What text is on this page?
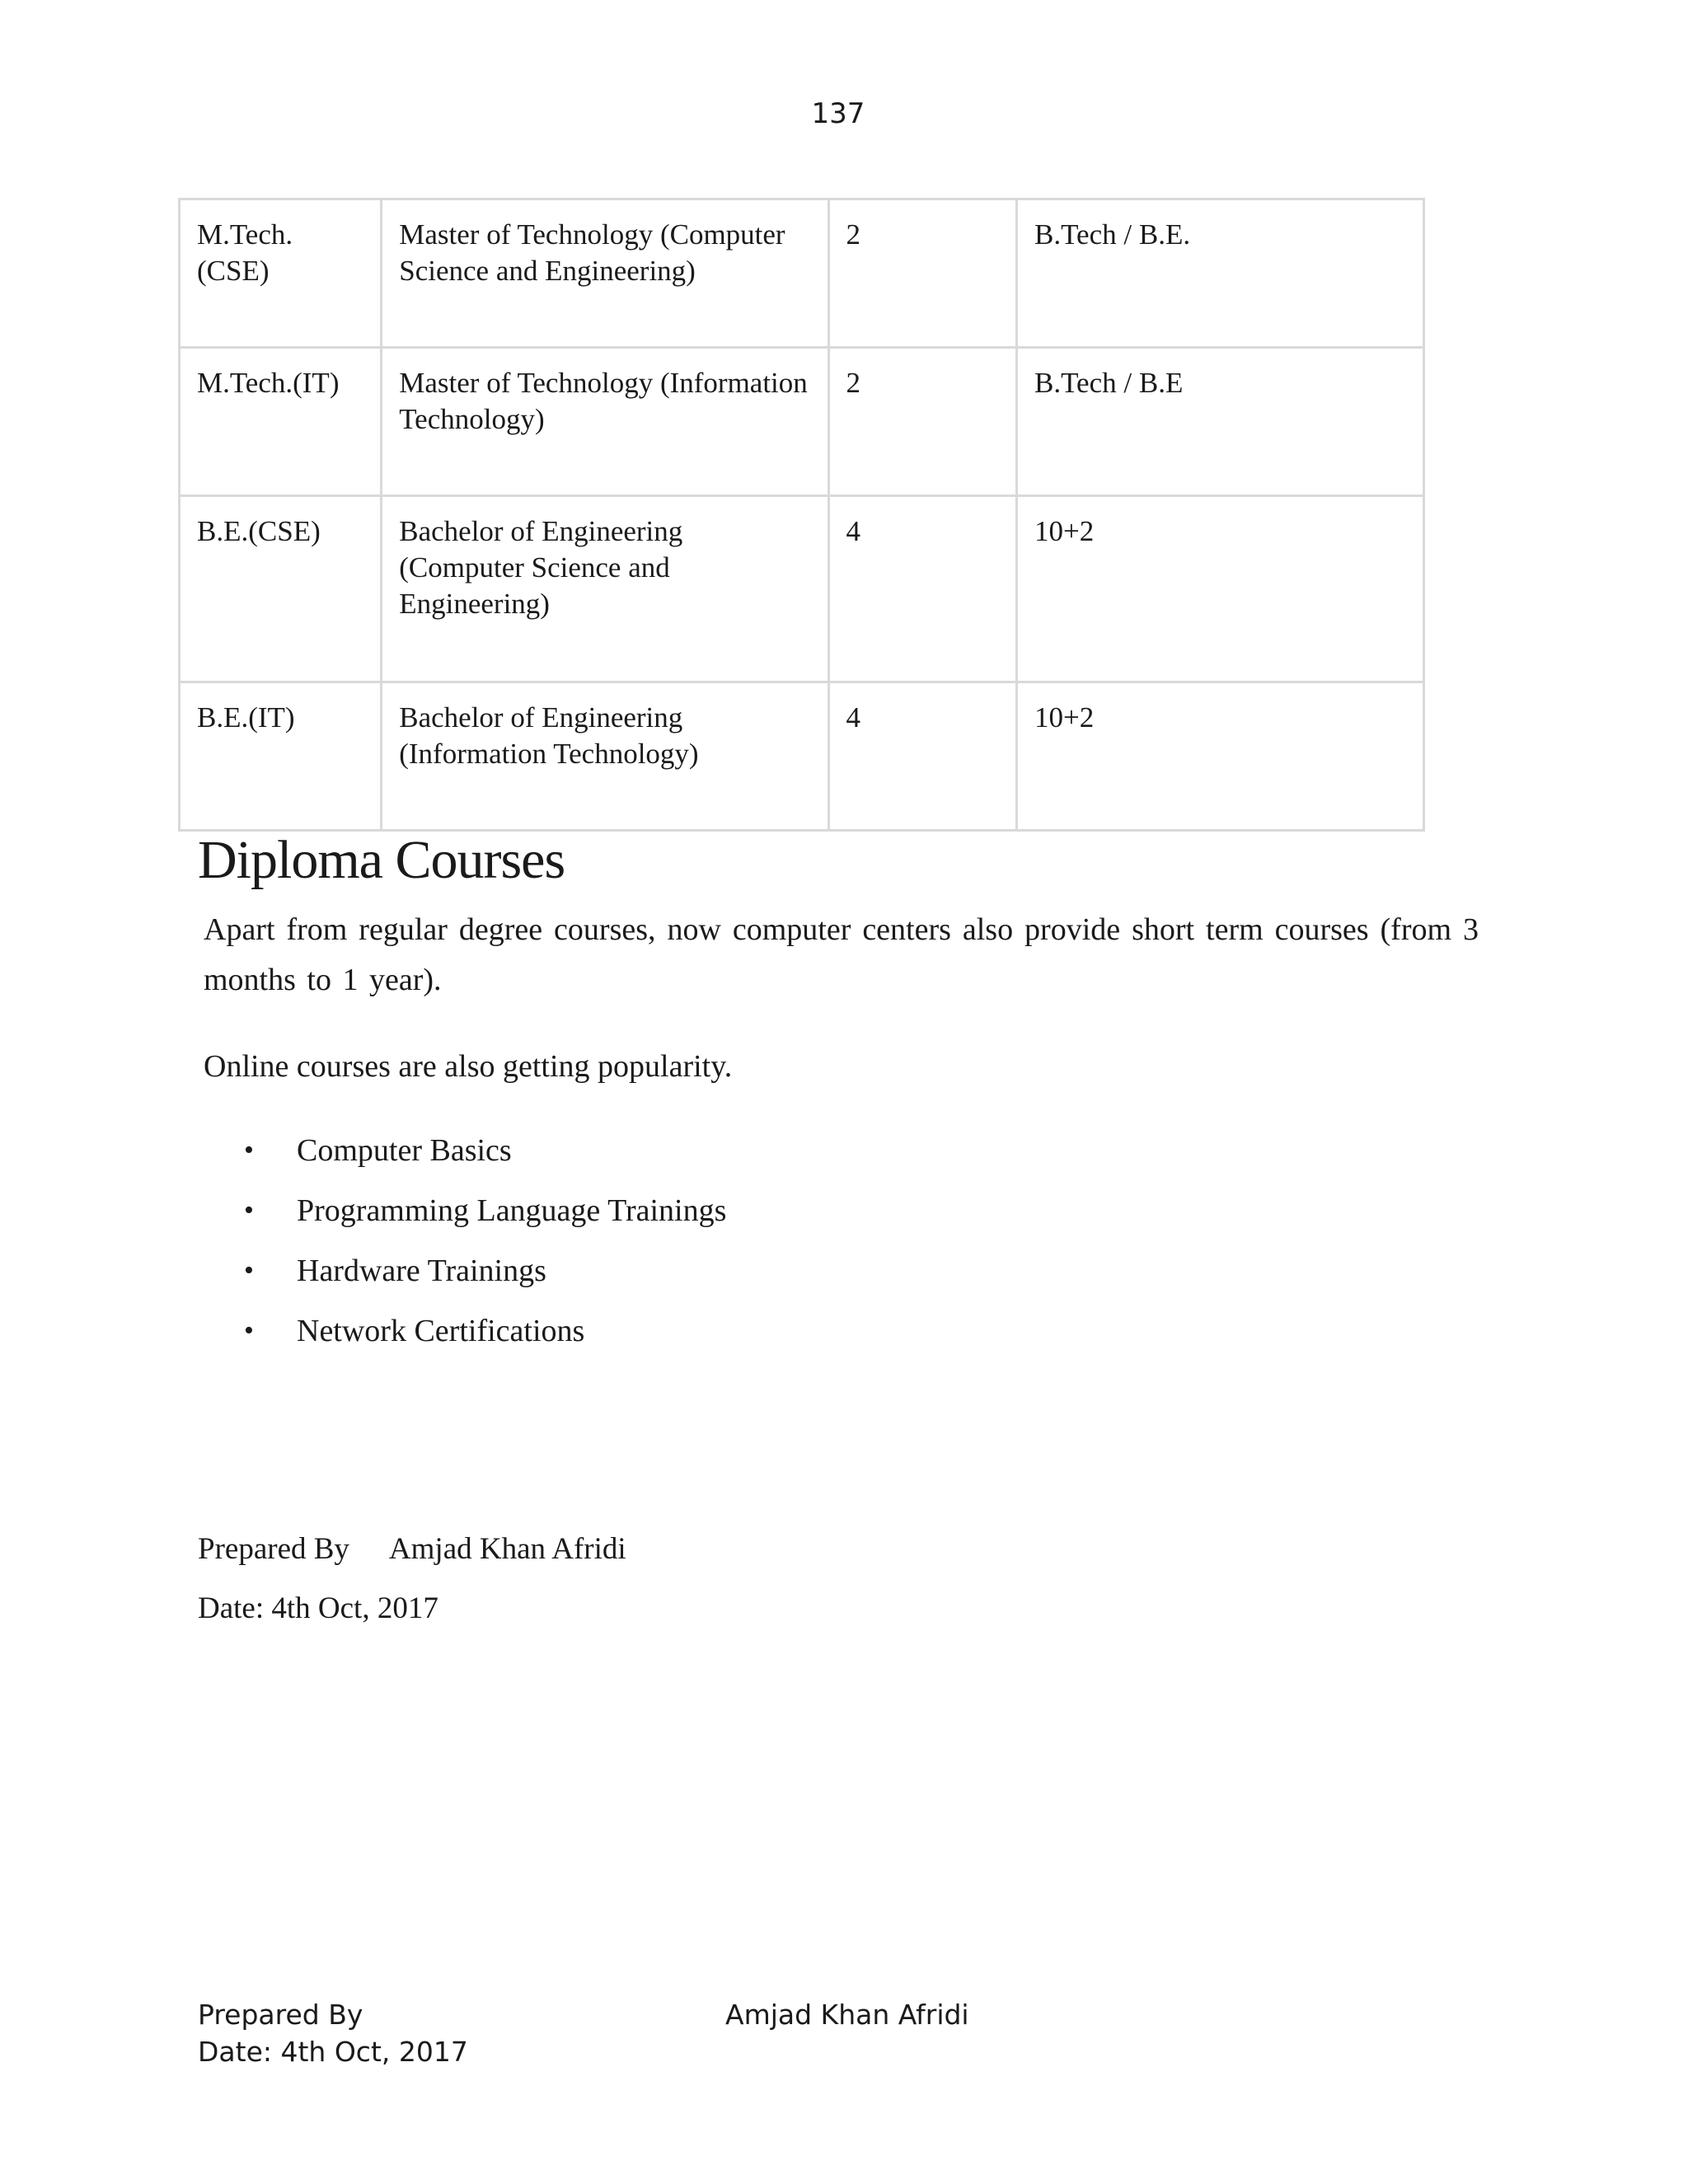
137
M.Tech.(CSE)	Master of Technology (Computer Science and Engineering)	2	B.Tech / B.E.
M.Tech.(IT)	Master of Technology (Information Technology)	2	B.Tech / B.E
B.E.(CSE)	Bachelor of Engineering (Computer Science and Engineering)	4	10+2
B.E.(IT)	Bachelor of Engineering (Information Technology)	4	10+2
Diploma Courses

Apart from regular degree courses, now computer centers also provide short term courses (from 3 months to 1 year).

Online courses are also getting popularity.

• Computer Basics
• Programming Language Trainings
• Hardware Trainings
• Network Certifications
Prepared By Amjad Khan Afridi
Date: 4th Oct, 2017
Prepared By	Amjad Khan Afridi
Date: 4th Oct, 2017
